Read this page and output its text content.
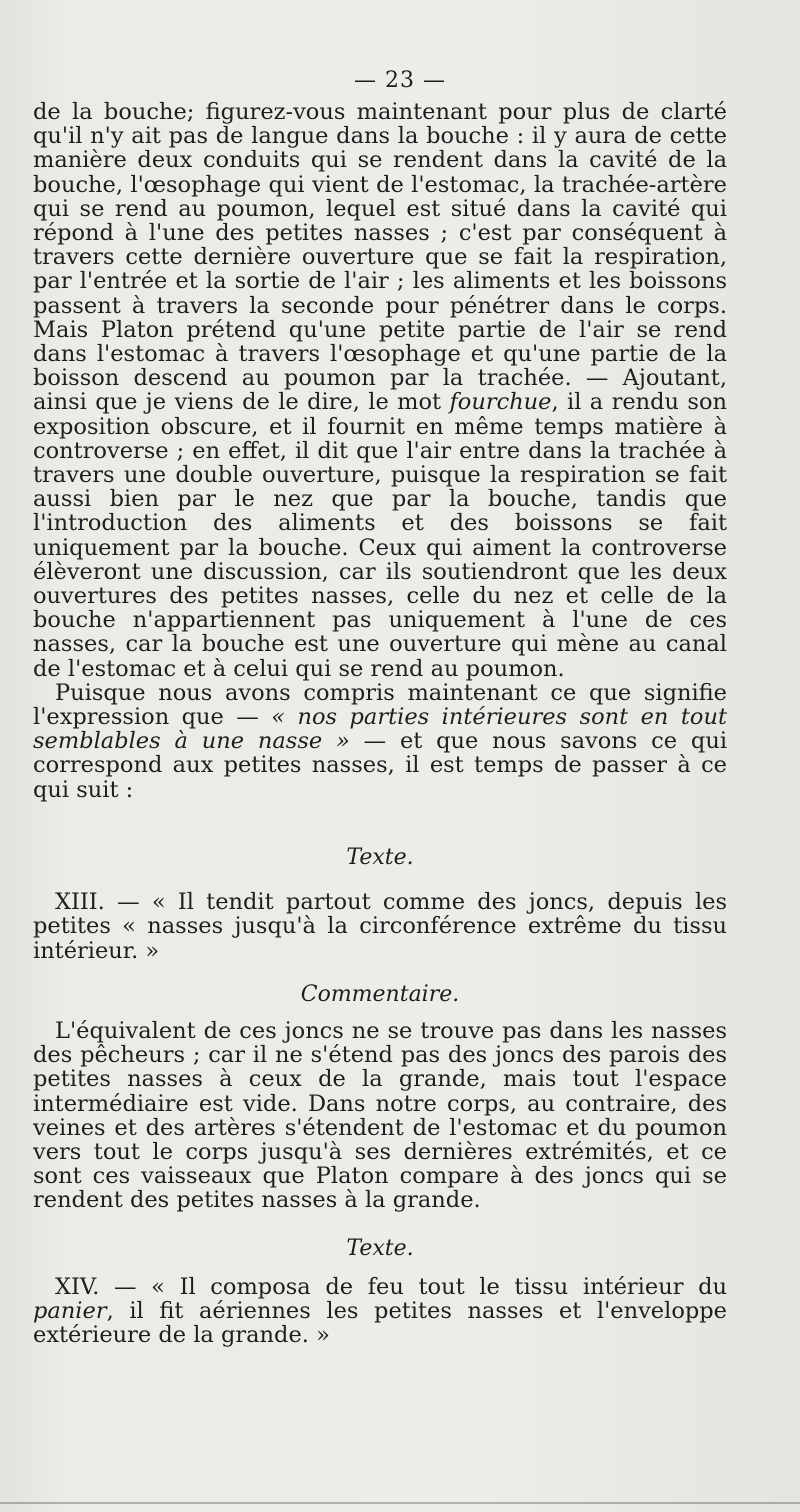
— 23 —

de la bouche; figurez-vous maintenant pour plus de clarté qu'il n'y ait pas de langue dans la bouche : il y aura de cette manière deux conduits qui se rendent dans la cavité de la bouche, l'œsophage qui vient de l'estomac, la trachée-artère qui se rend au poumon, lequel est situé dans la cavité qui répond à l'une des petites nasses ; c'est par conséquent à travers cette dernière ouverture que se fait la respiration, par l'entrée et la sortie de l'air ; les aliments et les boissons passent à travers la seconde pour pénétrer dans le corps. Mais Platon prétend qu'une petite partie de l'air se rend dans l'estomac à travers l'œsophage et qu'une partie de la boisson descend au poumon par la trachée. — Ajoutant, ainsi que je viens de le dire, le mot fourchue, il a rendu son exposition obscure, et il fournit en même temps matière à controverse ; en effet, il dit que l'air entre dans la trachée à travers une double ouverture, puisque la respiration se fait aussi bien par le nez que par la bouche, tandis que l'introduction des aliments et des boissons se fait uniquement par la bouche. Ceux qui aiment la controverse élèveront une discussion, car ils soutiendront que les deux ouvertures des petites nasses, celle du nez et celle de la bouche n'appartiennent pas uniquement à l'une de ces nasses, car la bouche est une ouverture qui mène au canal de l'estomac et à celui qui se rend au poumon.

Puisque nous avons compris maintenant ce que signifie l'expression que — « nos parties intérieures sont en tout semblables à une nasse » — et que nous savons ce qui correspond aux petites nasses, il est temps de passer à ce qui suit :

Texte.

XIII. — « Il tendit partout comme des joncs, depuis les petites « nasses jusqu'à la circonférence extrême du tissu intérieur. »

Commentaire.

L'équivalent de ces joncs ne se trouve pas dans les nasses des pêcheurs ; car il ne s'étend pas des joncs des parois des petites nasses à ceux de la grande, mais tout l'espace intermédiaire est vide. Dans notre corps, au contraire, des veines et des artères s'étendent de l'estomac et du poumon vers tout le corps jusqu'à ses dernières extrémités, et ce sont ces vaisseaux que Platon compare à des joncs qui se rendent des petites nasses à la grande.

Texte.

XIV. — « Il composa de feu tout le tissu intérieur du panier, il fit aériennes les petites nasses et l'enveloppe extérieure de la grande. »
